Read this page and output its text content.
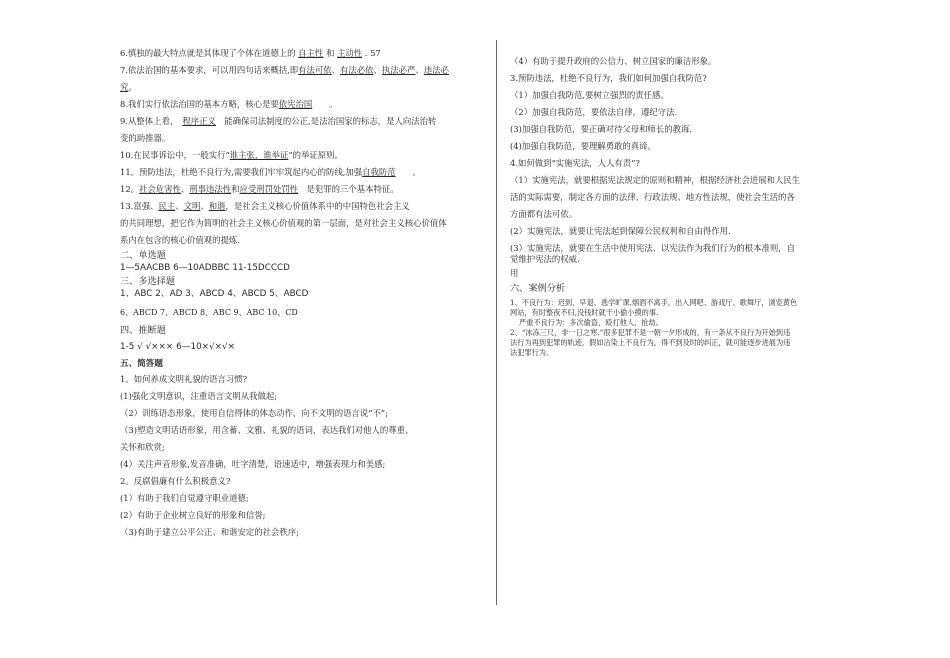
6.慎独的最大特点就是其体现了个体在道德上的 自主性 和 主动性 . 57

7.依法治国的基本要求，可以用四句话来概括,即有法可依、有法必依、执法必严、违法必

究。

8.我们实行依法治国的基本方略，核心是要依宪治国　　。

9.从整体上看，　 程序正义　 能确保司法制度的公正,是法治国家的标志，是人向法治转

变的助推器。

10.在民事诉讼中，一般实行“谁主张，谁举证”的举证原则。

11。预防违法，杜绝不良行为,需要我们牢牢筑起内心的防线,加强自我防范　　。

12。社会危害性、刑事违法性和应受刑罚处罚性　 是犯罪的三个基本特征。

13.富强、民主、文明、和谐，是社会主义核心价值体系中的中国特色社会主义

的共同理想，把它作为简明的社会主义核心价值观的第一层面，是对社会主义核心价值体

系内在包含的核心价值观的提炼.

二、单选题

1—5AACBB 6—10ADBBC 11-15DCCCD

三、多选择题

1、ABC 2、AD 3、ABCD 4、ABCD 5、ABCD

6、ABCD 7、ABCD 8、ABC 9、ABC 10、CD

四、推断题

1-5 √ √××× 6—10×√×√×

五、简答题

1。如何养成文明礼貌的语言习惯?

(1)强化文明意识，注重语言文明从我做起;

（2）训练语态形象，使用自信得体的体态动作，向不文明的语言说“不”;

（3)塑造文明话语形象，用含蓄、文雅、礼貌的语词，表达我们对他人的尊重、

关怀和欣赏;

(4）关注声音形象,发音准确，吐字清楚，语速适中，增强表现力和美感;

2。反腐倡廉有什么积极意义?

(1）有助于我们自觉遵守职业道德;

(2）有助于企业树立良好的形象和信誉;

（3)有助于建立公平公正、和谐安定的社会秩序;

（4）有助于提升政府的公信力、树立国家的廉洁形象。

3.预防违法，杜绝不良行为，我们如何加强自我防范?

（1）加强自我防范,要树立强烈的责任感。

（2）加强自我防范，要依法自律，遵纪守法.

(3)加强自我防范，要正确对待父母和师长的教诲.

(4)加强自我防范，要理解勇敢的真谛。

4.如何做到“实施宪法，人人有责”?

（1）实施宪法，就要根据宪法规定的原则和精神，根据经济社会进展和人民生

活的实际需要，制定各方面的法律、行政法规、地方性法规，使社会生活的各

方面都有法可依。

(2）实施宪法，就要让宪法起到保障公民权利和自由得作用.

(3）实施宪法，就要在生活中使用宪法、以宪法作为我们行为的根本准则，自

觉维护宪法的权威.

用

六、案例分析

1、不良行为：迟到、早退、逃学旷课,烟酒不离手，出入网吧、游戏厅、歌舞厅，浏览黄色

网站，有时整夜不归,没钱时就干小偷小摸的事.

严重不良行为：多次偷盗，殴打他人，抢劫。

2、“冰冻三尺，非一日之寒.”很多犯罪不是一朝一夕形成的，有一条从不良行为开始到违

法行为再到犯罪的轨迹，假如沾染上不良行为，得不到及时的纠正，就可能逐步进展为违

法犯罪行为。
